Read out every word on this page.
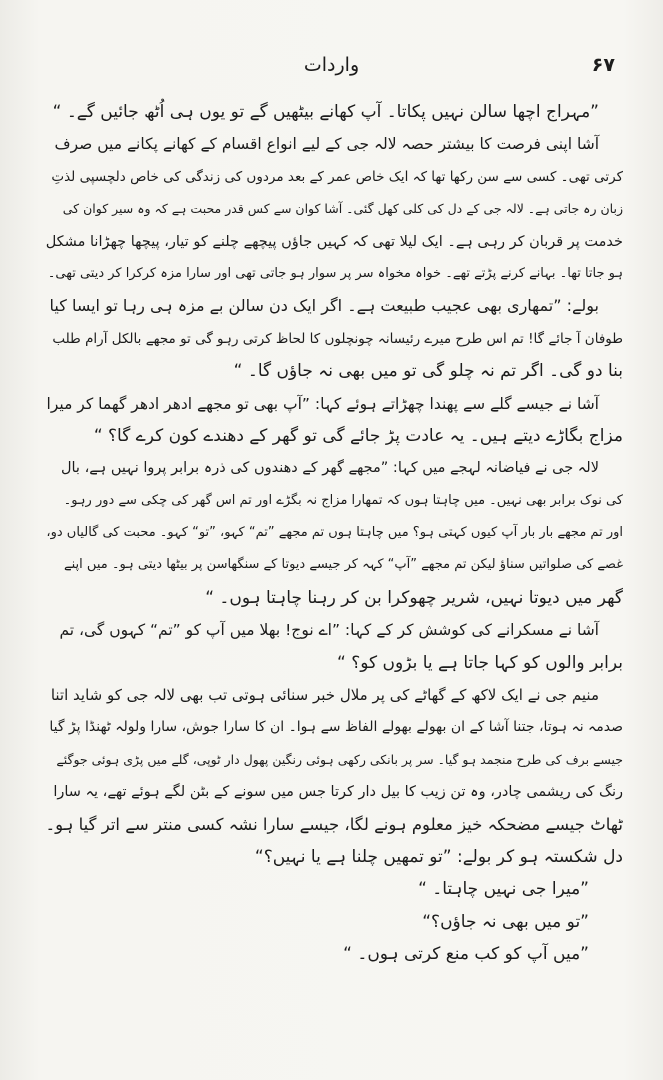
۶۷
واردات
”مہراج اچھا سالن نہیں پکاتا۔ آپ کھانے بیٹھیں گے تو یوں ہی اُٹھ جائیں گے۔ “
آشا اپنی فرصت کا بیشتر حصہ لالہ جی کے لیے انواع اقسام کے کھانے پکانے میں صرف
کرتی تھی۔ کسی سے سن رکھا تھا کہ ایک خاص عمر کے بعد مردوں کی زندگی کی خاص دلچسپی لذتِ
زبان رہ جاتی ہے۔ لالہ جی کے دل کی کلی کھل گئی۔ آشا کوان سے کس قدر محبت ہے کہ وہ سیر کوان کی
خدمت پر قربان کر رہی ہے۔ ایک لیلا تھی کہ کہیں جاؤں پیچھے چلنے کو تیار، پیچھا چھڑانا مشکل
ہو جاتا تھا۔ بہانے کرنے پڑتے تھے۔ خواہ مخواہ سر پر سوار ہو جاتی تھی اور سارا مزہ کرکرا کر دیتی تھی۔
بولے: ”تمھاری بھی عجیب طبیعت ہے۔ اگر ایک دن سالن بے مزہ ہی رہا تو ایسا کیا
طوفان آ جائے گا! تم اس طرح میرے رئیسانہ چونچلوں کا لحاظ کرتی رہو گی تو مجھے بالکل آرام طلب
بنا دو گی۔ اگر تم نہ چلو گی تو میں بھی نہ جاؤں گا۔ “
آشا نے جیسے گلے سے پھندا چھڑاتے ہوئے کہا: ”آپ بھی تو مجھے ادھر ادھر گھما کر میرا
مزاج بگاڑے دیتے ہیں۔ یہ عادت پڑ جائے گی تو گھر کے دھندے کون کرے گا؟ “
لالہ جی نے فیاضانہ لہجے میں کہا: ”مجھے گھر کے دھندوں کی ذرہ برابر پروا نہیں ہے، بال
کی نوک برابر بھی نہیں۔ میں چاہتا ہوں کہ تمھارا مزاج نہ بگڑے اور تم اس گھر کی چکی سے دور رہو۔
اور تم مجھے بار بار آپ کیوں کہتی ہو؟ میں چاہتا ہوں تم مجھے ”تم“ کہو، ”تو“ کہو۔ محبت کی گالیاں دو،
غصے کی صلواتیں سناؤ لیکن تم مجھے ”آپ“ کہہ کر جیسے دیوتا کے سنگھاسن پر بیٹھا دیتی ہو۔ میں اپنے
گھر میں دیوتا نہیں، شریر چھوکرا بن کر رہنا چاہتا ہوں۔ “
آشا نے مسکرانے کی کوشش کر کے کہا: ”اے نوج! بھلا میں آپ کو ”تم“ کہوں گی، تم
برابر والوں کو کہا جاتا ہے یا بڑوں کو؟ “
منیم جی نے ایک لاکھ کے گھاٹے کی پر ملال خبر سنائی ہوتی تب بھی لالہ جی کو شاید اتنا
صدمہ نہ ہوتا، جتنا آشا کے ان بھولے بھولے الفاظ سے ہوا۔ ان کا سارا جوش، سارا ولولہ ٹھنڈا پڑ گیا
جیسے برف کی طرح منجمد ہو گیا۔ سر پر بانکی رکھی ہوئی رنگین پھول دار ٹوپی، گلے میں پڑی ہوئی جوگئے
رنگ کی ریشمی چادر، وہ تن زیب کا بیل دار کرتا جس میں سونے کے بٹن لگے ہوئے تھے، یہ سارا
ٹھاٹ جیسے مضحکہ خیز معلوم ہونے لگا، جیسے سارا نشہ کسی منتر سے اتر گیا ہو۔
دل شکستہ ہو کر بولے: ”تو تمھیں چلنا ہے یا نہیں؟“
”میرا جی نہیں چاہتا۔ “
”تو میں بھی نہ جاؤں؟“
”میں آپ کو کب منع کرتی ہوں۔ “
